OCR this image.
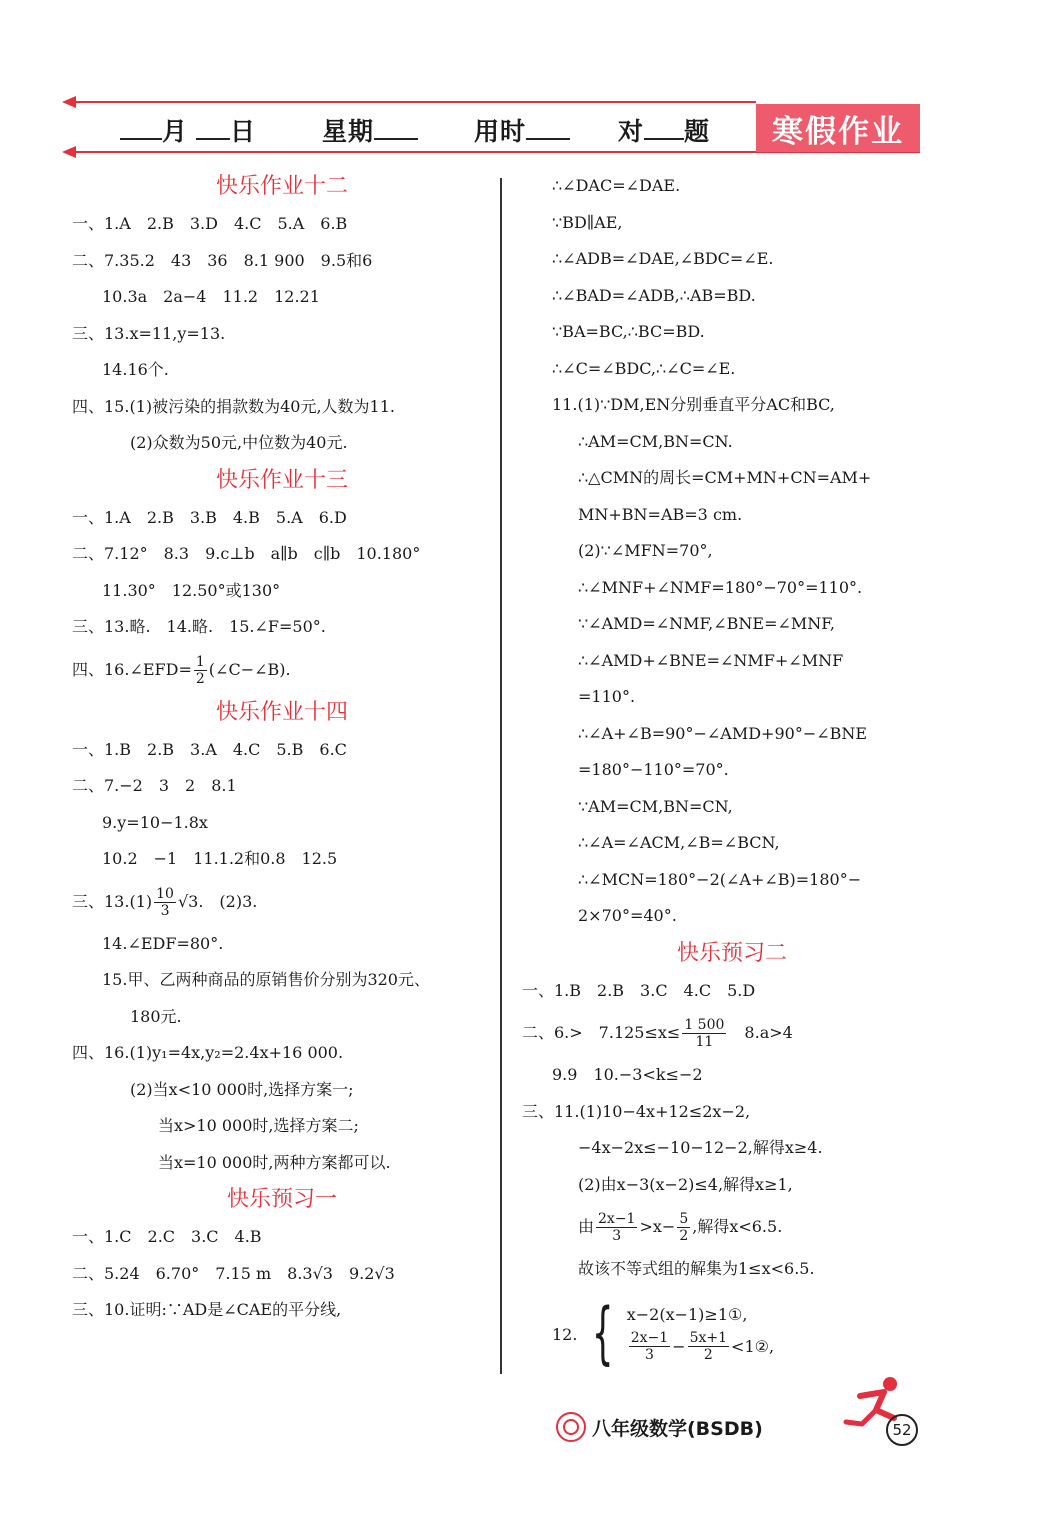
月	日	星期	用时	对 题	寒假作业
快乐作业十二
一、1.A　2.B　3.D　4.C　5.A　6.B
二、7.35.2　43　36　8.1 900　9.5和6
10.3a　2a−4　11.2　12.21
三、13.x=11,y=13.
14.16个.
四、15.(1)被污染的捐款数为40元,人数为11.
(2)众数为50元,中位数为40元.
快乐作业十三
一、1.A　2.B　3.B　4.B　5.A　6.D
二、7.12°　8.3　9.c⊥b　a∥b　c∥b　10.180°
11.30°　12.50°或130°
三、13.略.　14.略.　15.∠F=50°.
四、16.∠EFD= $\frac{1}{2}$ (∠C−∠B).
快乐作业十四
一、1.B　2.B　3.A　4.C　5.B　6.C
二、7.−2　3　2　8.1
9.y=10−1.8x
10.2　−1　11.1.2和0.8　12.5
三、$13.(1) \frac{10}{3} √3$.　(2)3.
14.∠EDF=80°.
15.甲、乙两种商品的原销售价分别为320元、
180元.
四、16.(1)y₁=4x,y₂=2.4x+16 000.
(2)当x<10 000时,选择方案一;
当x>10 000时,选择方案二;
当x=10 000时,两种方案都可以.
快乐预习一
一、1.C　2.C　3.C　4.B
二、5.24　6.70°　7.15 m　8.3√3　9.2√3
三、10.证明:∵AD是∠CAE的平分线,
∴∠DAC=∠DAE.
∵BD∥AE,
∴∠ADB=∠DAE,∠BDC=∠E.
∴∠BAD=∠ADB,∴AB=BD.
∵BA=BC,∴BC=BD.
∴∠C=∠BDC,∴∠C=∠E.
11.(1)∵DM,EN分别垂直平分AC和BC,
∴AM=CM,BN=CN.
∴△CMN的周长=CM+MN+CN=AM+
MN+BN=AB=3 cm.
(2)∵∠MFN=70°,
∴∠MNF+∠NMF=180°−70°=110°.
∵∠AMD=∠NMF,∠BNE=∠MNF,
∴∠AMD+∠BNE=∠NMF+∠MNF
=110°.
∴∠A+∠B=90°−∠AMD+90°−∠BNE
=180°−110°=70°.
∵AM=CM,BN=CN,
∴∠A=∠ACM,∠B=∠BCN,
∴∠MCN=180°−2(∠A+∠B)=180°−
2×70°=40°.
快乐预习二
一、1.B　2.B　3.C　4.C　5.D
二、6.>　$7.125\le x\le \frac{1 500}{11}$ 　8.a>4
9.9　10.−3<k≤−2
三、11.(1)10−4x+12≤2x−2,
−4x−2x≤−10−12−2,解得x≥4.
(2)由x−3(x−2)≤4,解得x≥1,
由 $\frac{2x-1}{3} >x- \frac{5}{2}$ ,解得x<6.5.
故该不等式组的解集为1≤x<6.5.
12. { x−2(x−1)≥1①,
$\frac{2x-1}{3} - \frac{5x+1}{2}$ <1②,
八年级数学(BSDB)	52
